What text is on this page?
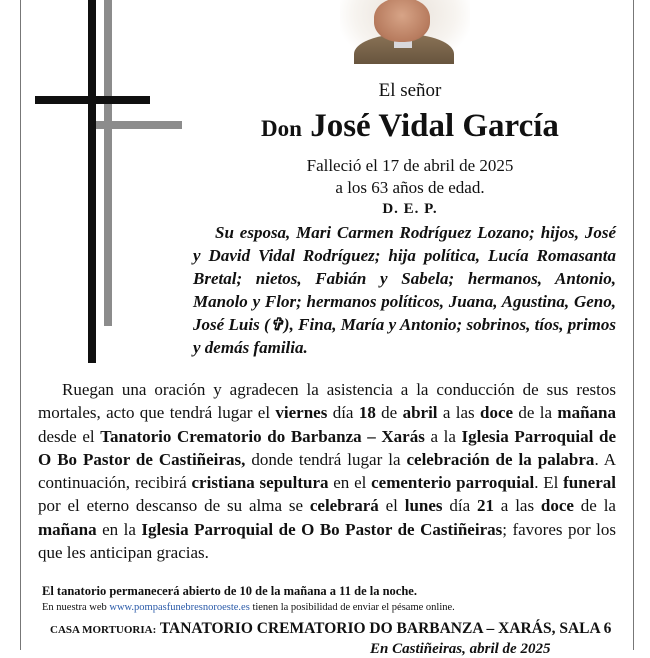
El señor
Don José Vidal García
Falleció el 17 de abril de 2025
a los 63 años de edad.
D. E. P.
Su esposa, Mari Carmen Rodríguez Lozano; hijos, José y David Vidal Rodríguez; hija política, Lucía Romasanta Bretal; nietos, Fabián y Sabela; hermanos, Antonio, Manolo y Flor; hermanos políticos, Juana, Agustina, Geno, José Luis (✞), Fina, María y Antonio; sobrinos, tíos, primos y demás familia.
Ruegan una oración y agradecen la asistencia a la conducción de sus restos mortales, acto que tendrá lugar el viernes día 18 de abril a las doce de la mañana desde el Tanatorio Crematorio do Barbanza – Xarás a la Iglesia Parroquial de O Bo Pastor de Castiñeiras, donde tendrá lugar la celebración de la palabra. A continuación, recibirá cristiana sepultura en el cementerio parroquial. El funeral por el eterno descanso de su alma se celebrará el lunes día 21 a las doce de la mañana en la Iglesia Parroquial de O Bo Pastor de Castiñeiras; favores por los que les anticipan gracias.
El tanatorio permanecerá abierto de 10 de la mañana a 11 de la noche.
En nuestra web www.pompasfunebresnoroeste.es tienen la posibilidad de enviar el pésame online.
CASA MORTUORIA: TANATORIO CREMATORIO DO BARBANZA – XARÁS, SALA 6
En Castiñeiras, abril de 2025
